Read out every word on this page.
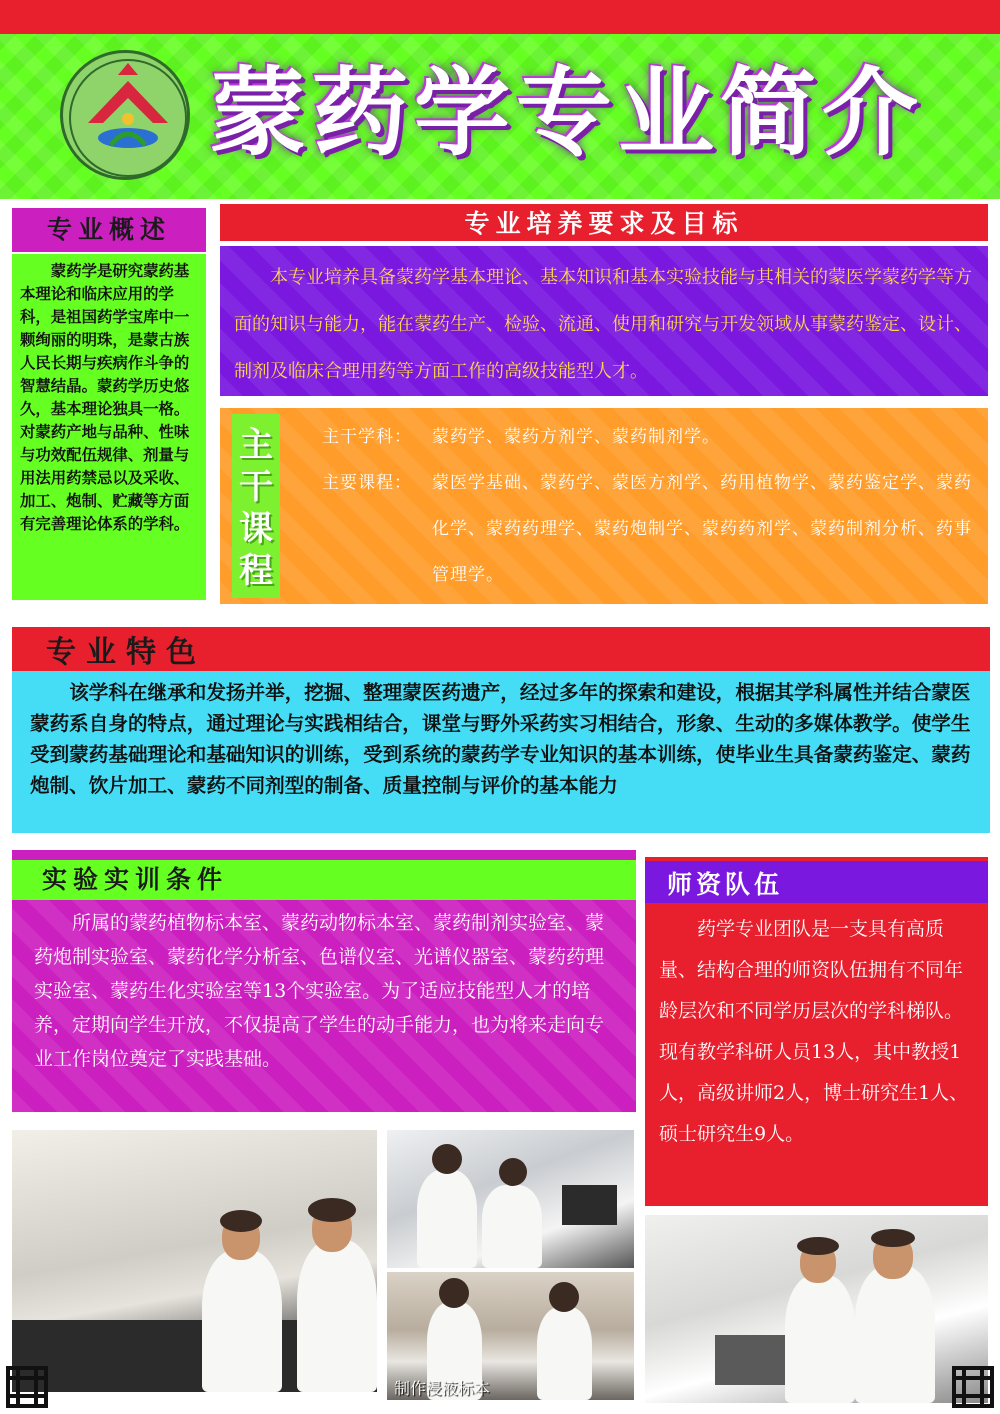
蒙药学专业简介
专业概述

蒙药学是研究蒙药基本理论和临床应用的学科，是祖国药学宝库中一颗绚丽的明珠，是蒙古族人民长期与疾病作斗争的智慧结晶。蒙药学历史悠久，基本理论独具一格。对蒙药产地与品种、性味与功效配伍规律、剂量与用法用药禁忌以及采收、加工、炮制、贮藏等方面有完善理论体系的学科。

专业培养要求及目标

本专业培养具备蒙药学基本理论、基本知识和基本实验技能与其相关的蒙医学蒙药学等方面的知识与能力，能在蒙药生产、检验、流通、使用和研究与开发领域从事蒙药鉴定、设计、制剂及临床合理用药等方面工作的高级技能型人才。

主干课程
主干学科：	蒙药学、蒙药方剂学、蒙药制剂学。
主要课程：	蒙医学基础、蒙药学、蒙医方剂学、药用植物学、蒙药鉴定学、蒙药化学、蒙药药理学、蒙药炮制学、蒙药药剂学、蒙药制剂分析、药事管理学。
专业特色

该学科在继承和发扬并举，挖掘、整理蒙医药遗产，经过多年的探索和建设，根据其学科属性并结合蒙医蒙药系自身的特点，通过理论与实践相结合，课堂与野外采药实习相结合，形象、生动的多媒体教学。使学生受到蒙药基础理论和基础知识的训练，受到系统的蒙药学专业知识的基本训练，使毕业生具备蒙药鉴定、蒙药炮制、饮片加工、蒙药不同剂型的制备、质量控制与评价的基本能力

实验实训条件

所属的蒙药植物标本室、蒙药动物标本室、蒙药制剂实验室、蒙药炮制实验室、蒙药化学分析室、色谱仪室、光谱仪器室、蒙药药理实验室、蒙药生化实验室等13个实验室。为了适应技能型人才的培养，定期向学生开放，不仅提高了学生的动手能力，也为将来走向专业工作岗位奠定了实践基础。

师资队伍

药学专业团队是一支具有高质量、结构合理的师资队伍拥有不同年龄层次和不同学历层次的学科梯队。现有教学科研人员13人，其中教授1人，高级讲师2人，博士研究生1人、硕士研究生9人。

制作浸液标本
